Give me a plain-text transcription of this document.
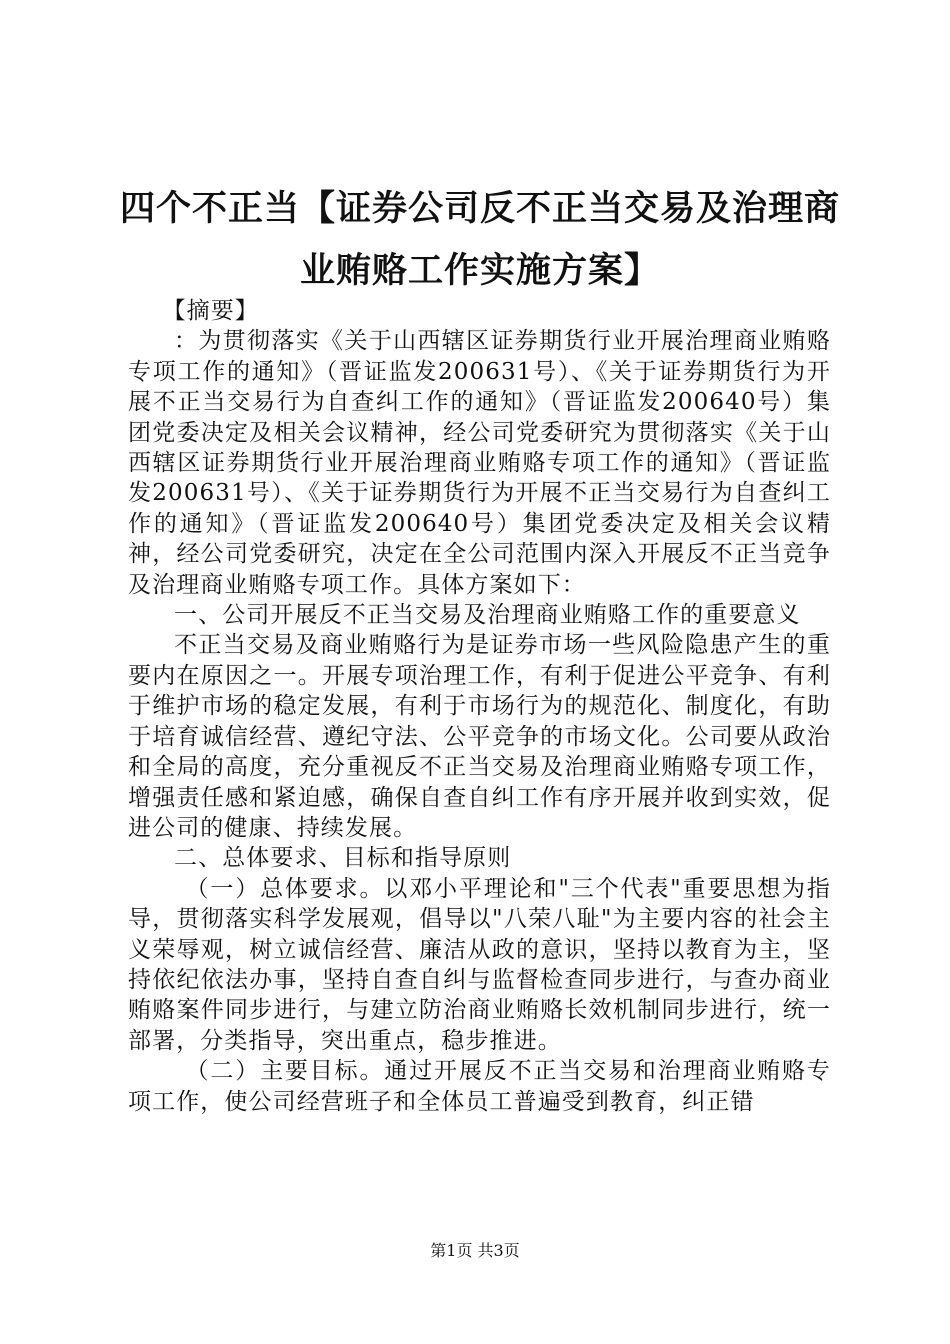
四个不正当【证券公司反不正当交易及治理商业贿赂工作实施方案】

【摘要】

：为贯彻落实《关于山西辖区证券期货行业开展治理商业贿赂专项工作的通知》（晋证监发200631号）、《关于证券期货行为开展不正当交易行为自查纠工作的通知》（晋证监发200640号）集团党委决定及相关会议精神，经公司党委研究为贯彻落实《关于山西辖区证券期货行业开展治理商业贿赂专项工作的通知》（晋证监发200631号）、《关于证券期货行为开展不正当交易行为自查纠工作的通知》（晋证监发200640号）集团党委决定及相关会议精神，经公司党委研究，决定在全公司范围内深入开展反不正当竞争及治理商业贿赂专项工作。具体方案如下：

一、公司开展反不正当交易及治理商业贿赂工作的重要意义

不正当交易及商业贿赂行为是证券市场一些风险隐患产生的重要内在原因之一。开展专项治理工作，有利于促进公平竞争、有利于维护市场的稳定发展，有利于市场行为的规范化、制度化，有助于培育诚信经营、遵纪守法、公平竞争的市场文化。公司要从政治和全局的高度，充分重视反不正当交易及治理商业贿赂专项工作，增强责任感和紧迫感，确保自查自纠工作有序开展并收到实效，促进公司的健康、持续发展。

二、总体要求、目标和指导原则

（一）总体要求。以邓小平理论和"三个代表"重要思想为指导，贯彻落实科学发展观，倡导以"八荣八耻"为主要内容的社会主义荣辱观，树立诚信经营、廉洁从政的意识，坚持以教育为主，坚持依纪依法办事，坚持自查自纠与监督检查同步进行，与查办商业贿赂案件同步进行，与建立防治商业贿赂长效机制同步进行，统一部署，分类指导，突出重点，稳步推进。

（二）主要目标。通过开展反不正当交易和治理商业贿赂专项工作，使公司经营班子和全体员工普遍受到教育，纠正错

第1页 共3页
